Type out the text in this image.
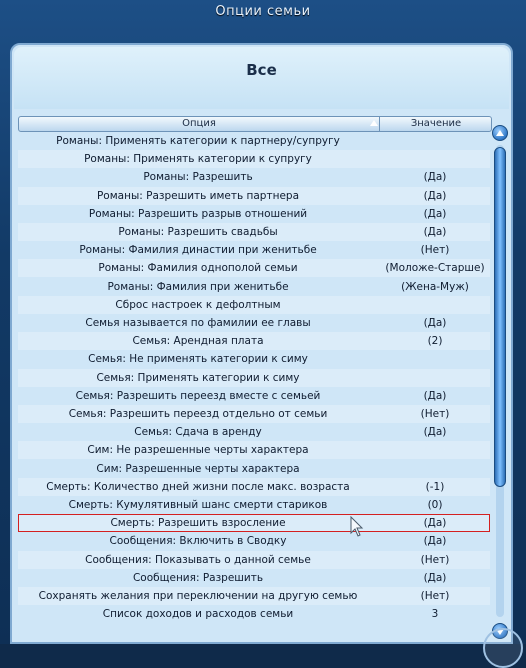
Опции семьи
Все
Опция	Значение
Романы: Применять категории к партнеру/супругу
Романы: Применять категории к супругу
Романы: Разрешить	(Да)
Романы: Разрешить иметь партнера	(Да)
Романы: Разрешить разрыв отношений	(Да)
Романы: Разрешить свадьбы	(Да)
Романы: Фамилия династии при женитьбе	(Нет)
Романы: Фамилия однополой семьи	(Моложе-Старше)
Романы: Фамилия при женитьбе	(Жена-Муж)
Сброс настроек к дефолтным
Семья называется по фамилии ее главы	(Да)
Семья: Арендная плата	(2)
Семья: Не применять категории к симу
Семья: Применять категории к симу
Семья: Разрешить переезд вместе с семьей	(Да)
Семья: Разрешить переезд отдельно от семьи	(Нет)
Семья: Сдача в аренду	(Да)
Сим: Не разрешенные черты характера
Сим: Разрешенные черты характера
Смерть: Количество дней жизни после макс. возраста	(-1)
Смерть: Кумулятивный шанс смерти стариков	(0)
Смерть: Разрешить взросление	(Да)
Сообщения: Включить в Сводку	(Да)
Сообщения: Показывать о данной семье	(Нет)
Сообщения: Разрешить	(Да)
Сохранять желания при переключении на другую семью	(Нет)
Список доходов и расходов семьи	3
